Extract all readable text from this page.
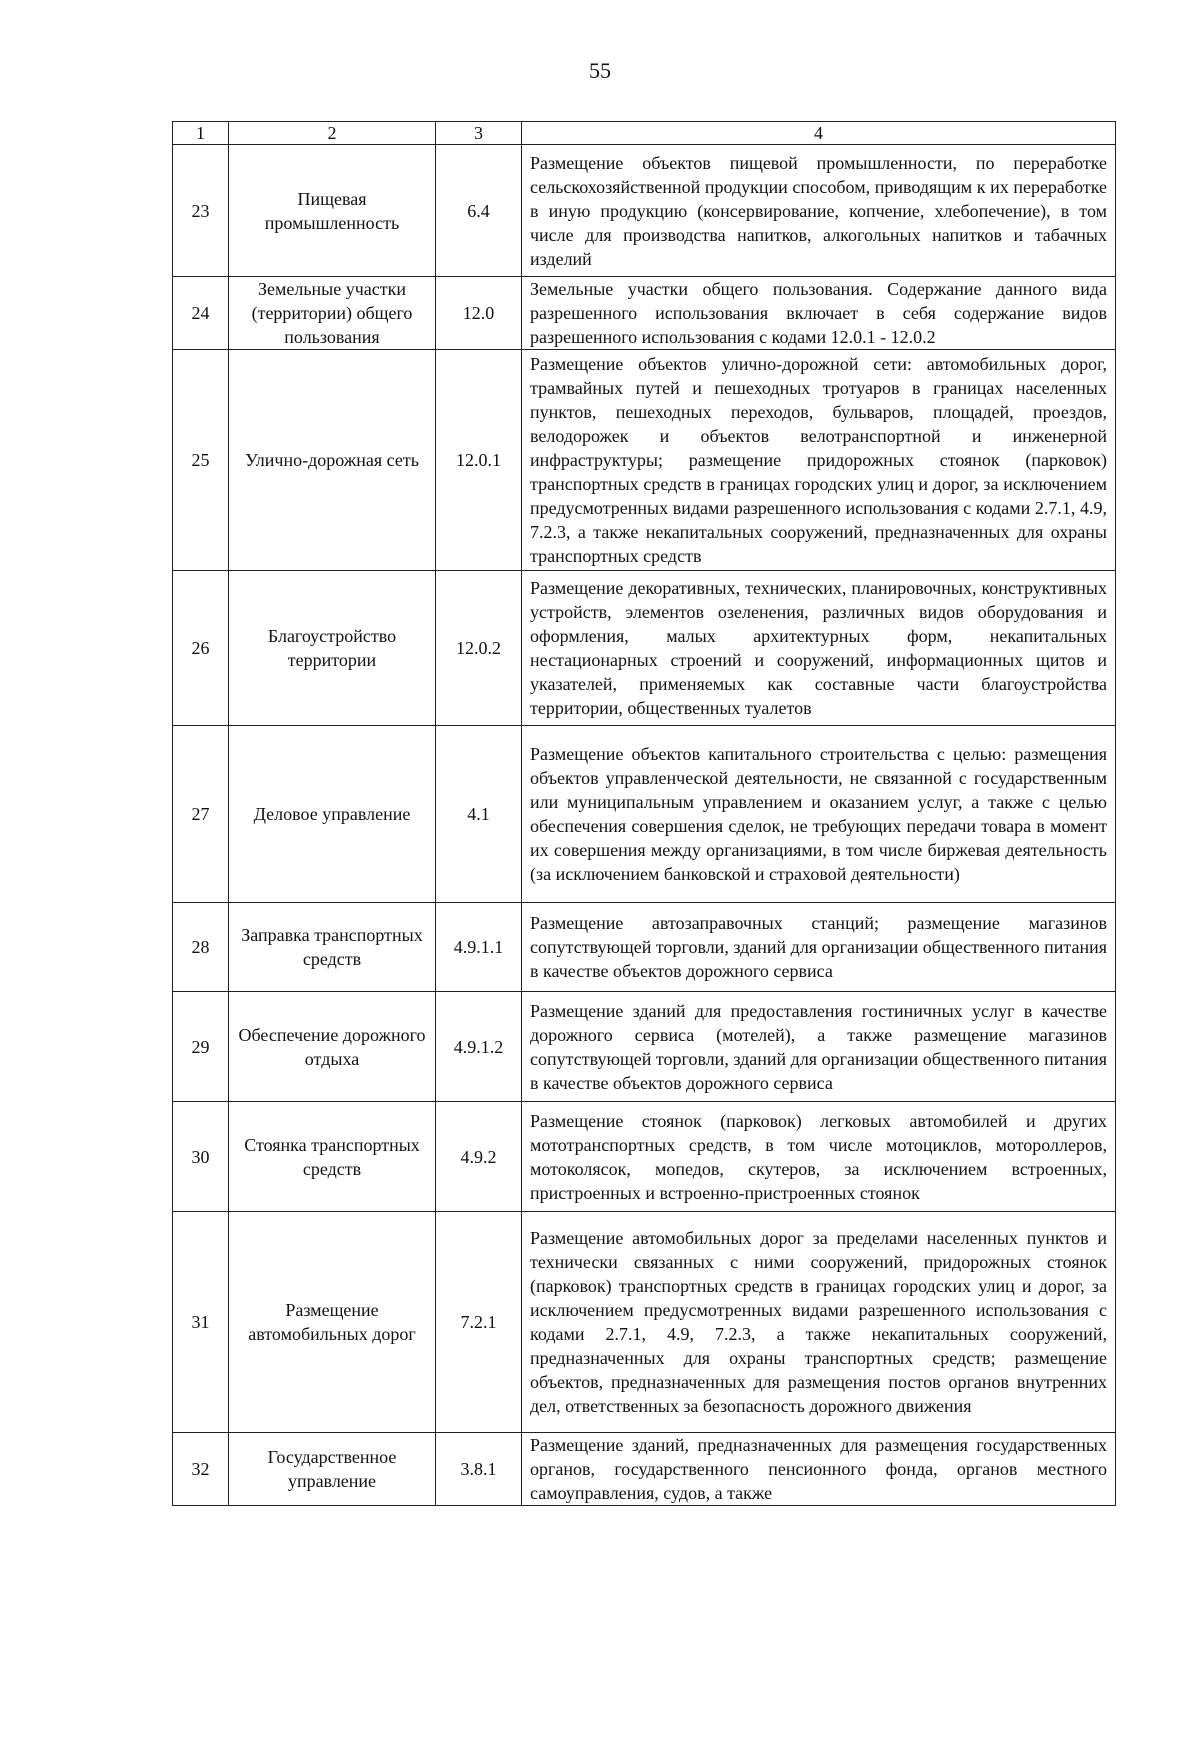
55
1	2	3	4
23	Пищевая промышленность	6.4	Размещение объектов пищевой промышленности, по переработке сельскохозяйственной продукции способом, приводящим к их переработке в иную продукцию (консервирование, копчение, хлебопечение), в том числе для производства напитков, алкогольных напитков и табачных изделий
24	Земельные участки (территории) общего пользования	12.0	Земельные участки общего пользования. Содержание данного вида разрешенного использования включает в себя содержание видов разрешенного использования с кодами 12.0.1 - 12.0.2
25	Улично-дорожная сеть	12.0.1	Размещение объектов улично-дорожной сети: автомобильных дорог, трамвайных путей и пешеходных тротуаров в границах населенных пунктов, пешеходных переходов, бульваров, площадей, проездов, велодорожек и объектов велотранспортной и инженерной инфраструктуры; размещение придорожных стоянок (парковок) транспортных средств в границах городских улиц и дорог, за исключением предусмотренных видами разрешенного использования с кодами 2.7.1, 4.9, 7.2.3, а также некапитальных сооружений, предназначенных для охраны транспортных средств
26	Благоустройство территории	12.0.2	Размещение декоративных, технических, планировочных, конструктивных устройств, элементов озеленения, различных видов оборудования и оформления, малых архитектурных форм, некапитальных нестационарных строений и сооружений, информационных щитов и указателей, применяемых как составные части благоустройства территории, общественных туалетов
27	Деловое управление	4.1	Размещение объектов капитального строительства с целью: размещения объектов управленческой деятельности, не связанной с государственным или муниципальным управлением и оказанием услуг, а также с целью обеспечения совершения сделок, не требующих передачи товара в момент их совершения между организациями, в том числе биржевая деятельность (за исключением банковской и страховой деятельности)
28	Заправка транспортных средств	4.9.1.1	Размещение автозаправочных станций; размещение магазинов сопутствующей торговли, зданий для организации общественного питания в качестве объектов дорожного сервиса
29	Обеспечение дорожного отдыха	4.9.1.2	Размещение зданий для предоставления гостиничных услуг в качестве дорожного сервиса (мотелей), а также размещение магазинов сопутствующей торговли, зданий для организации общественного питания в качестве объектов дорожного сервиса
30	Стоянка транспортных средств	4.9.2	Размещение стоянок (парковок) легковых автомобилей и других мототранспортных средств, в том числе мотоциклов, мотороллеров, мотоколясок, мопедов, скутеров, за исключением встроенных, пристроенных и встроенно-пристроенных стоянок
31	Размещение автомобильных дорог	7.2.1	Размещение автомобильных дорог за пределами населенных пунктов и технически связанных с ними сооружений, придорожных стоянок (парковок) транспортных средств в границах городских улиц и дорог, за исключением предусмотренных видами разрешенного использования с кодами 2.7.1, 4.9, 7.2.3, а также некапитальных сооружений, предназначенных для охраны транспортных средств; размещение объектов, предназначенных для размещения постов органов внутренних дел, ответственных за безопасность дорожного движения
32	Государственное управление	3.8.1	Размещение зданий, предназначенных для размещения государственных органов, государственного пенсионного фонда, органов местного самоуправления, судов, а также
